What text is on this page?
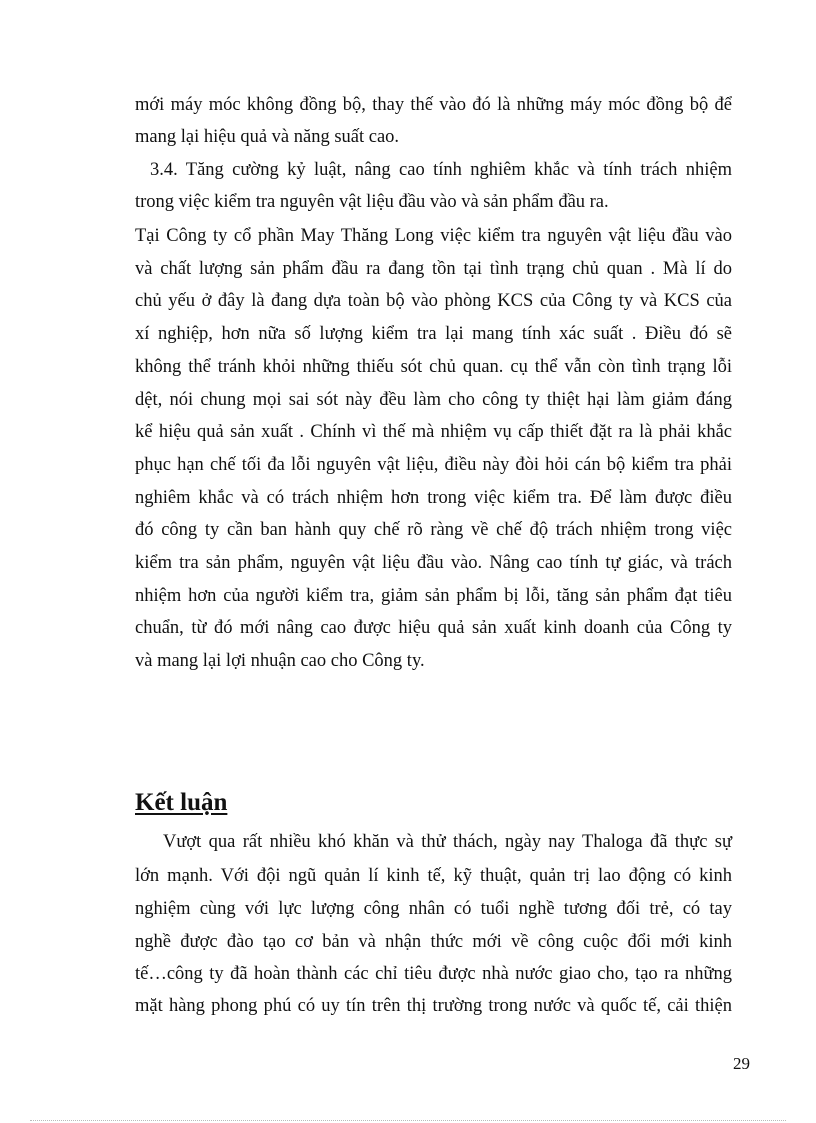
mới máy móc không đồng bộ, thay thế vào đó là những máy móc đồng bộ để
mang lại hiệu quả và năng suất cao.
3.4. Tăng cường kỷ luật, nâng cao tính nghiêm khắc và tính trách nhiệm
trong việc kiểm tra nguyên vật liệu đầu vào và sản phẩm đầu ra.
Tại Công ty cổ phần May Thăng Long việc kiểm tra nguyên vật liệu đầu vào
và chất lượng sản phẩm đầu ra đang tồn tại tình trạng chủ quan . Mà lí do
chủ yếu ở đây là đang dựa toàn bộ vào phòng KCS của Công ty và KCS của
xí nghiệp, hơn nữa số lượng kiểm tra lại mang tính xác suất . Điều đó sẽ
không thể tránh khỏi những thiếu sót chủ quan. cụ thể vẫn còn tình trạng lỗi
dệt, nói chung mọi sai sót này đều làm cho công ty thiệt hại làm giảm đáng
kể hiệu quả sản xuất . Chính vì thế mà nhiệm vụ cấp thiết đặt ra là phải khắc
phục hạn chế tối đa lỗi nguyên vật liệu, điều này đòi hỏi cán bộ kiểm tra phải
nghiêm khắc và có trách nhiệm hơn trong việc kiểm tra. Để làm được điều
đó công ty cần ban hành quy chế rõ ràng về chế độ trách nhiệm trong việc
kiểm tra sản phẩm, nguyên vật liệu đầu vào. Nâng cao tính tự giác, và trách
nhiệm hơn của người kiểm tra, giảm sản phẩm bị lỗi, tăng sản phẩm đạt tiêu
chuẩn, từ đó mới nâng cao được hiệu quả sản xuất kinh doanh của Công ty
và mang lại lợi nhuận cao cho Công ty.
Kết luận
Vượt qua rất nhiều khó khăn và thử thách, ngày nay Thaloga đã thực sự
lớn mạnh. Với đội ngũ quản lí kinh tế, kỹ thuật, quản trị lao động có kinh
nghiệm cùng với lực lượng công nhân có tuổi nghề tương đối trẻ, có tay
nghề được đào tạo cơ bản và nhận thức mới về công cuộc đổi mới kinh
tế…công ty đã hoàn thành các chỉ tiêu được nhà nước giao cho, tạo ra những
mặt hàng phong phú có uy tín trên thị trường trong nước và quốc tế, cải thiện
29
